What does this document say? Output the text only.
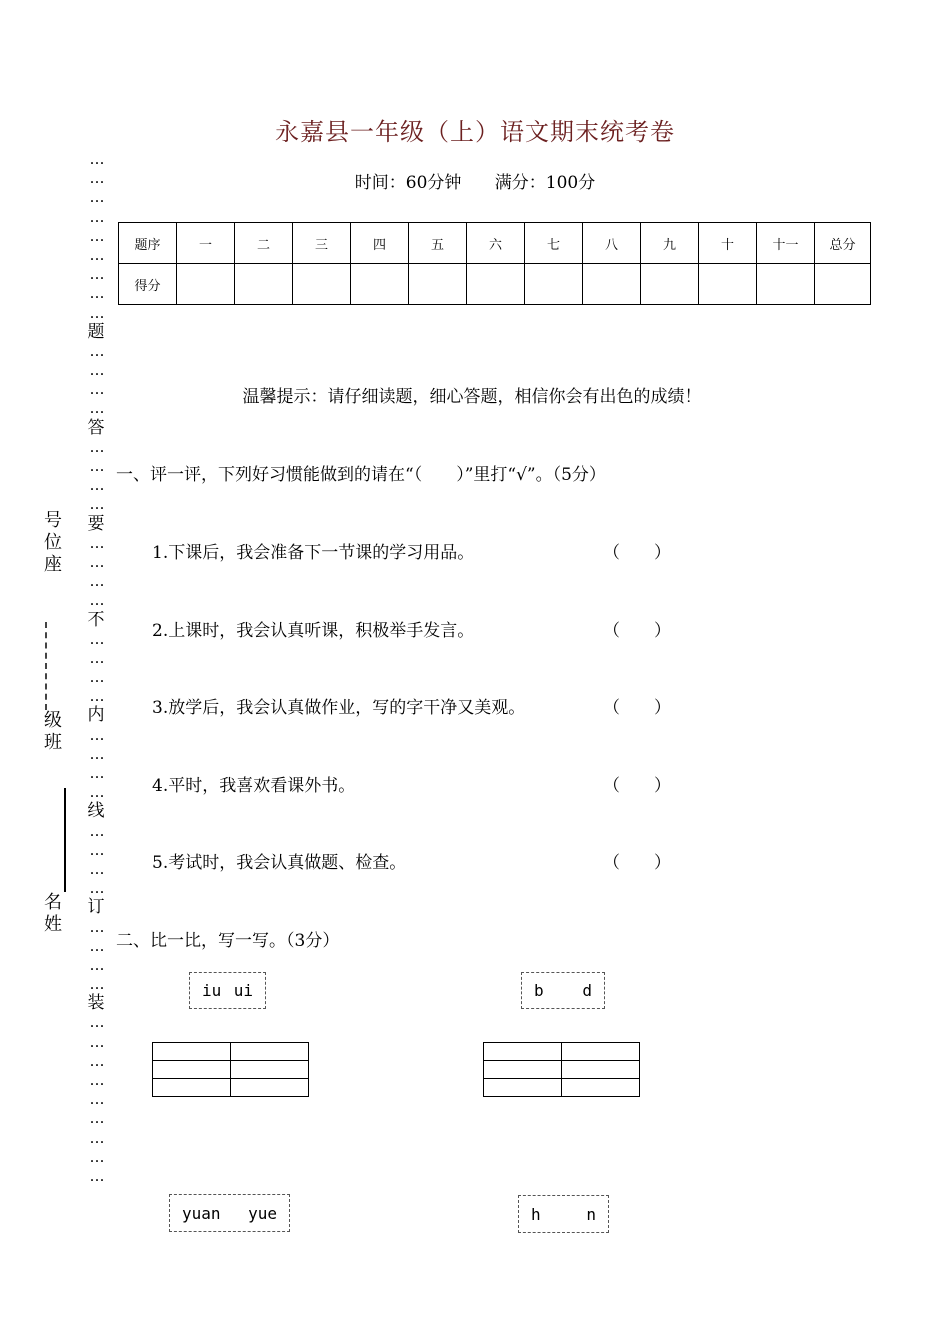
…
…
…
…
…
…
…
…
…
题
…
…
…
…
答
…
…
…
…
要
…
…
…
…
不
…
…
…
…
内
…
…
…
…
线
…
…
…
…
订
…
…
…
…
装
…
…
…
…
…
…
…
…
…
号位座
级班
名姓
永嘉县一年级（上）语文期末统考卷
时间：60分钟 满分：100分
题序	一	二	三	四	五	六	七	八	九	十	十一	总分
得分												
温馨提示：请仔细读题，细心答题，相信你会有出色的成绩！
一、评一评，下列好习惯能做到的请在“（　　）”里打“√”。（5分）
1.下课后，我会准备下一节课的学习用品。	（　　）
2.上课时，我会认真听课，积极举手发言。	（　　）
3.放学后，我会认真做作业，写的字干净又美观。	（　　）
4.平时，我喜欢看课外书。	（　　）
5.考试时，我会认真做题、检查。	（　　）
二、比一比，写一写。（3分）
iu ui	b d

yuan yue	h	n
